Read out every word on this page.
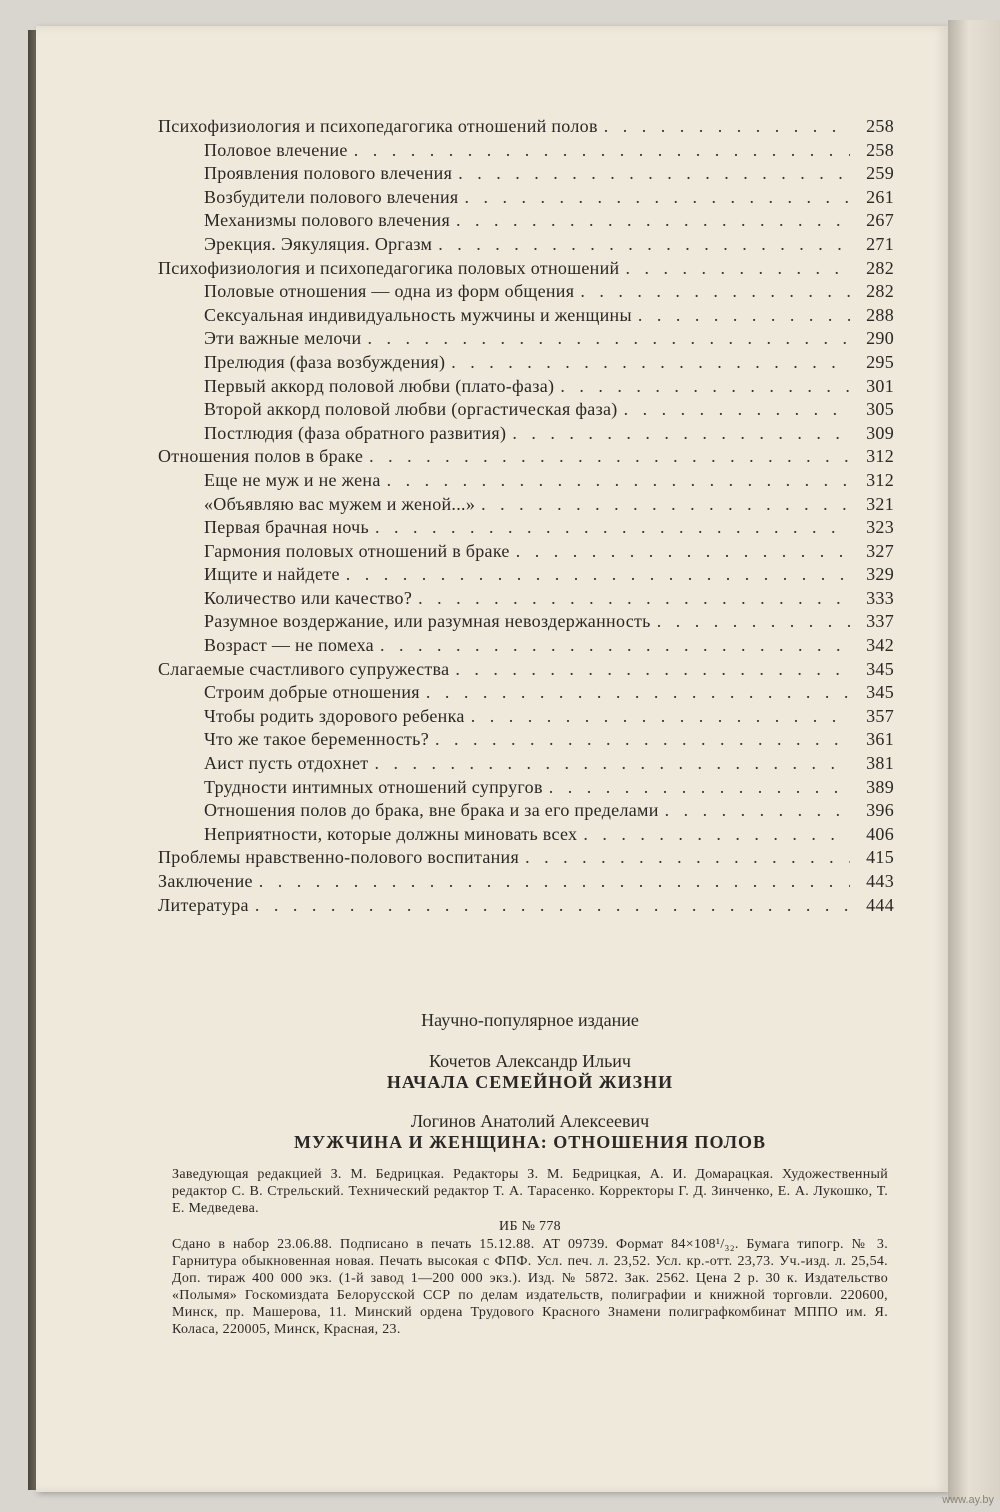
Психофизиология и психопедагогика отношений полов . . .	258
Половое влечение . . .	258
Проявления полового влечения . . .	259
Возбудители полового влечения . . .	261
Механизмы полового влечения . . .	267
Эрекция. Эякуляция. Оргазм . . .	271
Психофизиология и психопедагогика половых отношений . . .	282
Половые отношения — одна из форм общения . . .	282
Сексуальная индивидуальность мужчины и женщины . . .	288
Эти важные мелочи . . .	290
Прелюдия (фаза возбуждения) . . .	295
Первый аккорд половой любви (плато-фаза) . . .	301
Второй аккорд половой любви (оргастическая фаза) . . .	305
Постлюдия (фаза обратного развития) . . .	309
Отношения полов в браке . . .	312
Еще не муж и не жена . . .	312
«Объявляю вас мужем и женой...» . . .	321
Первая брачная ночь . . .	323
Гармония половых отношений в браке . . .	327
Ищите и найдете . . .	329
Количество или качество? . . .	333
Разумное воздержание, или разумная невоздержанность . . .	337
Возраст — не помеха . . .	342
Слагаемые счастливого супружества . . .	345
Строим добрые отношения . . .	345
Чтобы родить здорового ребенка . . .	357
Что же такое беременность? . . .	361
Аист пусть отдохнет . . .	381
Трудности интимных отношений супругов . . .	389
Отношения полов до брака, вне брака и за его пределами . . .	396
Неприятности, которые должны миновать всех . . .	406
Проблемы нравственно-полового воспитания . . .	415
Заключение . . .	443
Литература . . .	444
Научно-популярное издание
Кочетов Александр Ильич
НАЧАЛА СЕМЕЙНОЙ ЖИЗНИ
Логинов Анатолий Алексеевич
МУЖЧИНА И ЖЕНЩИНА: ОТНОШЕНИЯ ПОЛОВ

Заведующая редакцией З. М. Бедрицкая. Редакторы З. М. Бедрицкая, А. И. Домарацкая. Художественный редактор С. В. Стрельский. Технический редактор Т. А. Тарасенко. Корректоры Г. Д. Зинченко, Е. А. Лукошко, Т. Е. Медведева.

ИБ № 778

Сдано в набор 23.06.88. Подписано в печать 15.12.88. АТ 09739. Формат 84×108¹/₃₂. Бумага типогр. № 3. Гарнитура обыкновенная новая. Печать высокая с ФПФ. Усл. печ. л. 23,52. Усл. кр.-отт. 23,73. Уч.-изд. л. 25,54. Доп. тираж 400 000 экз. (1-й завод 1—200 000 экз.). Изд. № 5872. Зак. 2562. Цена 2 р. 30 к. Издательство «Полымя» Госкомиздата Белорусской ССР по делам издательств, полиграфии и книжной торговли. 220600, Минск, пр. Машерова, 11. Минский ордена Трудового Красного Знамени полиграфкомбинат МППО им. Я. Коласа, 220005, Минск, Красная, 23.

www.ay.by
